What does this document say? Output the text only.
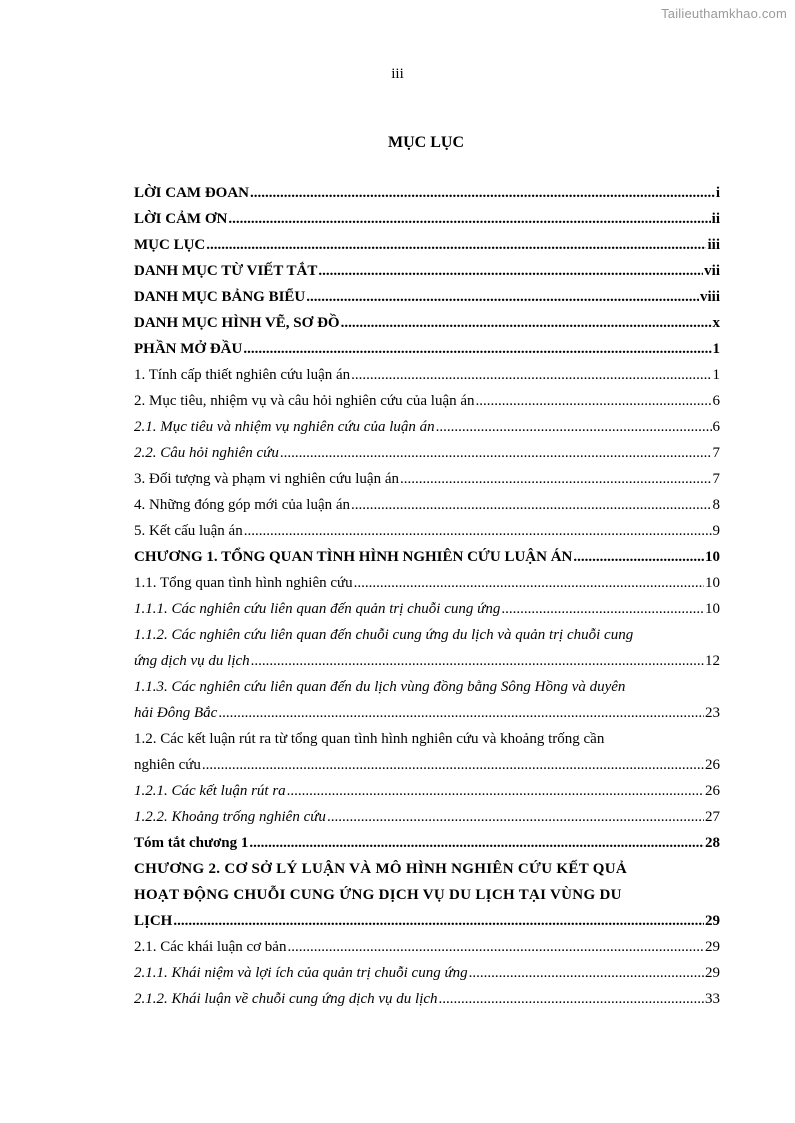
Tailieuthamkhao.com
iii
MỤC LỤC
LỜI CAM ĐOAN .....	i
LỜI CẢM ƠN .....	ii
MỤC LỤC .....	iii
DANH MỤC TỪ VIẾT TẮT .....	vii
DANH MỤC BẢNG BIỂU .....	viii
DANH MỤC HÌNH VẼ, SƠ ĐỒ .....	x
PHẦN MỞ ĐẦU .....	1
1. Tính cấp thiết nghiên cứu luận án .....	1
2. Mục tiêu, nhiệm vụ và câu hỏi nghiên cứu của luận án .....	6
2.1. Mục tiêu và nhiệm vụ nghiên cứu của luận án .....	6
2.2. Câu hỏi nghiên cứu .....	7
3. Đối tượng và phạm vi nghiên cứu luận án .....	7
4. Những đóng góp mới của luận án .....	8
5. Kết cấu luận án .....	9
CHƯƠNG 1. TỔNG QUAN TÌNH HÌNH NGHIÊN CỨU LUẬN ÁN .....	10
1.1. Tổng quan tình hình nghiên cứu .....	10
1.1.1. Các nghiên cứu liên quan đến quản trị chuỗi cung ứng .....	10
1.1.2. Các nghiên cứu liên quan đến chuỗi cung ứng du lịch và quản trị chuỗi cung
ứng dịch vụ du lịch .....	12
1.1.3. Các nghiên cứu liên quan đến du lịch vùng đồng bằng Sông Hồng và duyên
hải Đông Bắc .....	23
1.2. Các kết luận rút ra từ tổng quan tình hình nghiên cứu và khoảng trống cần
nghiên cứu .....	26
1.2.1. Các kết luận rút ra .....	26
1.2.2. Khoảng trống nghiên cứu .....	27
Tóm tắt chương 1 .....	28
CHƯƠNG 2. CƠ SỞ LÝ LUẬN VÀ MÔ HÌNH NGHIÊN CỨU KẾT QUẢ
HOẠT ĐỘNG CHUỖI CUNG ỨNG DỊCH VỤ DU LỊCH TẠI VÙNG DU
LỊCH .....	29
2.1. Các khái luận cơ bản .....	29
2.1.1. Khái niệm và lợi ích của quản trị chuỗi cung ứng .....	29
2.1.2. Khái luận về chuỗi cung ứng dịch vụ du lịch .....	33
